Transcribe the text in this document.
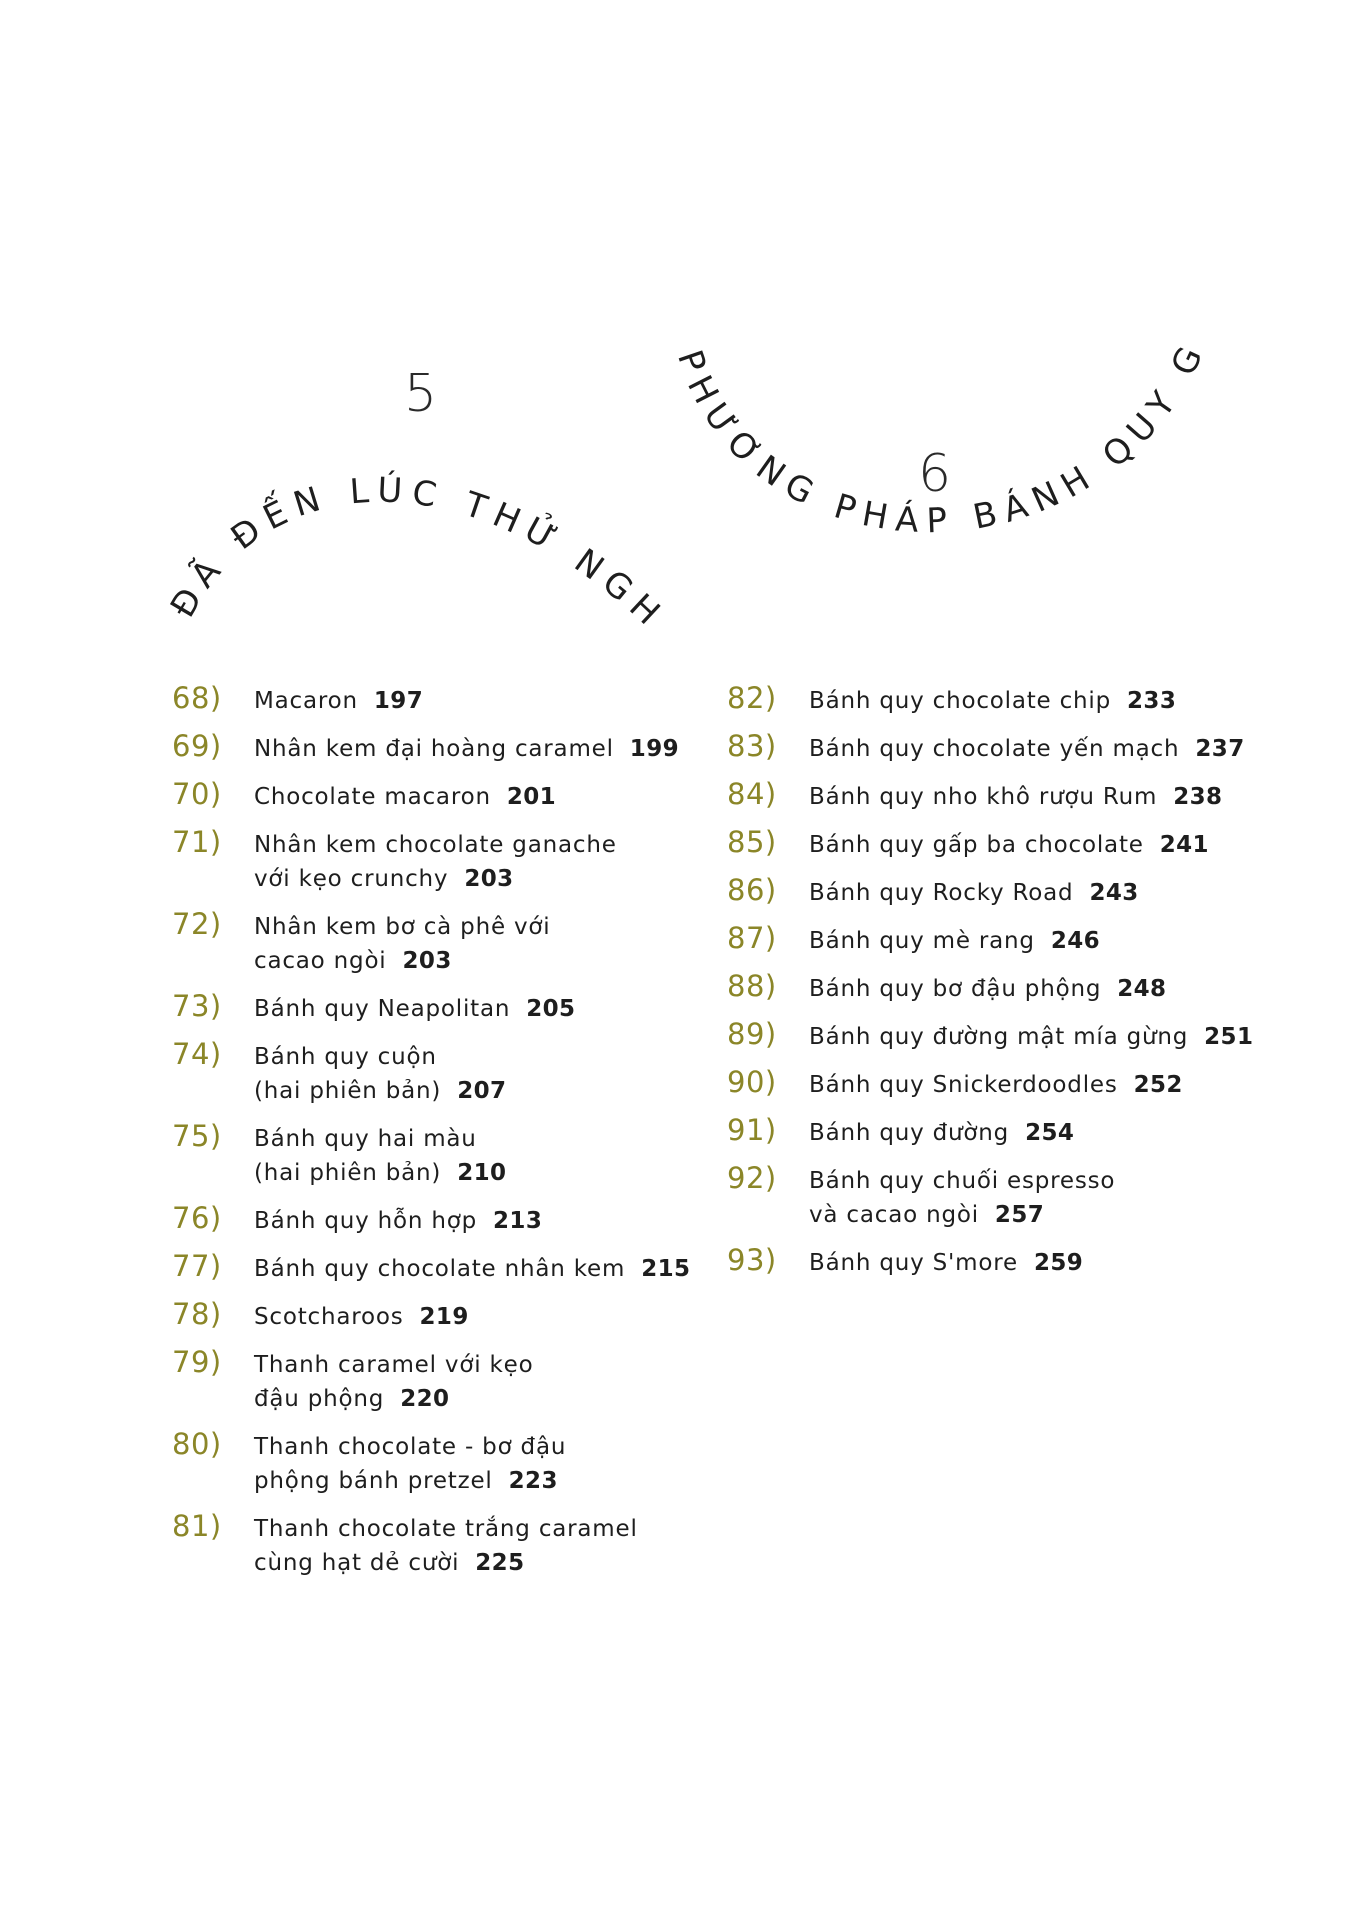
5
ĐÃ ĐẾN LÚC THỬ NGHIỆM!
6
PHƯƠNG PHÁP BÁNH QUY GỖ KHAY
68) Macaron 197
69) Nhân kem đại hoàng caramel 199
70) Chocolate macaron 201
71) Nhân kem chocolate ganache
với kẹo crunchy 203
72) Nhân kem bơ cà phê với
cacao ngòi 203
73) Bánh quy Neapolitan 205
74) Bánh quy cuộn
(hai phiên bản) 207
75) Bánh quy hai màu
(hai phiên bản) 210
76) Bánh quy hỗn hợp 213
77) Bánh quy chocolate nhân kem 215
78) Scotcharoos 219
79) Thanh caramel với kẹo
đậu phộng 220
80) Thanh chocolate - bơ đậu
phộng bánh pretzel 223
81) Thanh chocolate trắng caramel
cùng hạt dẻ cười 225
82) Bánh quy chocolate chip 233
83) Bánh quy chocolate yến mạch 237
84) Bánh quy nho khô rượu Rum 238
85) Bánh quy gấp ba chocolate 241
86) Bánh quy Rocky Road 243
87) Bánh quy mè rang 246
88) Bánh quy bơ đậu phộng 248
89) Bánh quy đường mật mía gừng 251
90) Bánh quy Snickerdoodles 252
91) Bánh quy đường 254
92) Bánh quy chuối espresso
và cacao ngòi 257
93) Bánh quy S'more 259
